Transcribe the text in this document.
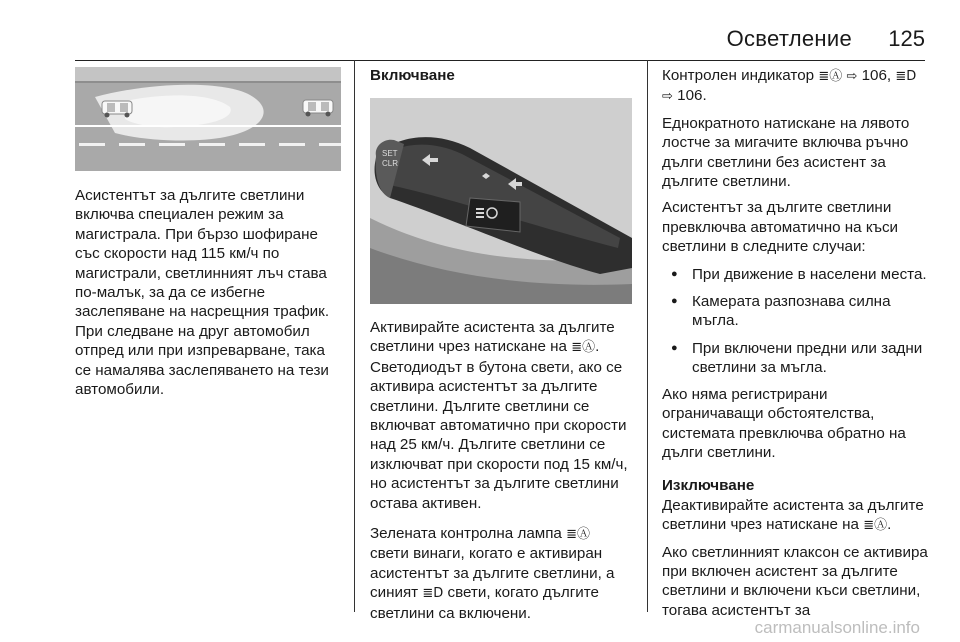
Осветление 125

Асистентът за дългите светлини включва специален режим за магистрала. При бързо шофиране със скорости над 115 км/ч по магистрали, светлинният лъч става по-малък, за да се избегне заслепяване на насрещния трафик. При следване на друг автомобил отпред или при изпреварване, така се намалява заслепяването на тези автомобили.

Включване
SET
CLR

Активирайте асистента за дългите светлини чрез натискане на ≣Ⓐ. Светодиодът в бутона свети, ако се активира асистентът за дългите светлини. Дългите светлини се включват автоматично при скорости над 25 км/ч. Дългите светлини се изключват при скорости под 15 км/ч, но асистентът за дългите светлини остава активен.

Зелената контролна лампа ≣Ⓐ свети винаги, когато е активиран асистентът за дългите светлини, а синият ≣D свети, когато дългите светлини са включени.

Контролен индикатор ≣Ⓐ ⇨ 106, ≣D
⇨ 106.

Еднократното натискане на лявото лостче за мигачите включва ръчно дълги светлини без асистент за дългите светлини.

Асистентът за дългите светлини превключва автоматично на къси светлини в следните случаи:

● При движение в населени места.
● Камерата разпознава силна мъгла.
● При включени предни или задни светлини за мъгла.

Ако няма регистрирани ограничаващи обстоятелства, системата превключва обратно на дълги светлини.

Изключване

Деактивирайте асистента за дългите светлини чрез натискане на ≣Ⓐ.

Ако светлинният клаксон се активира при включен асистент за дългите светлини и включени къси светлини, тогава асистентът за

carmanualsonline.info
